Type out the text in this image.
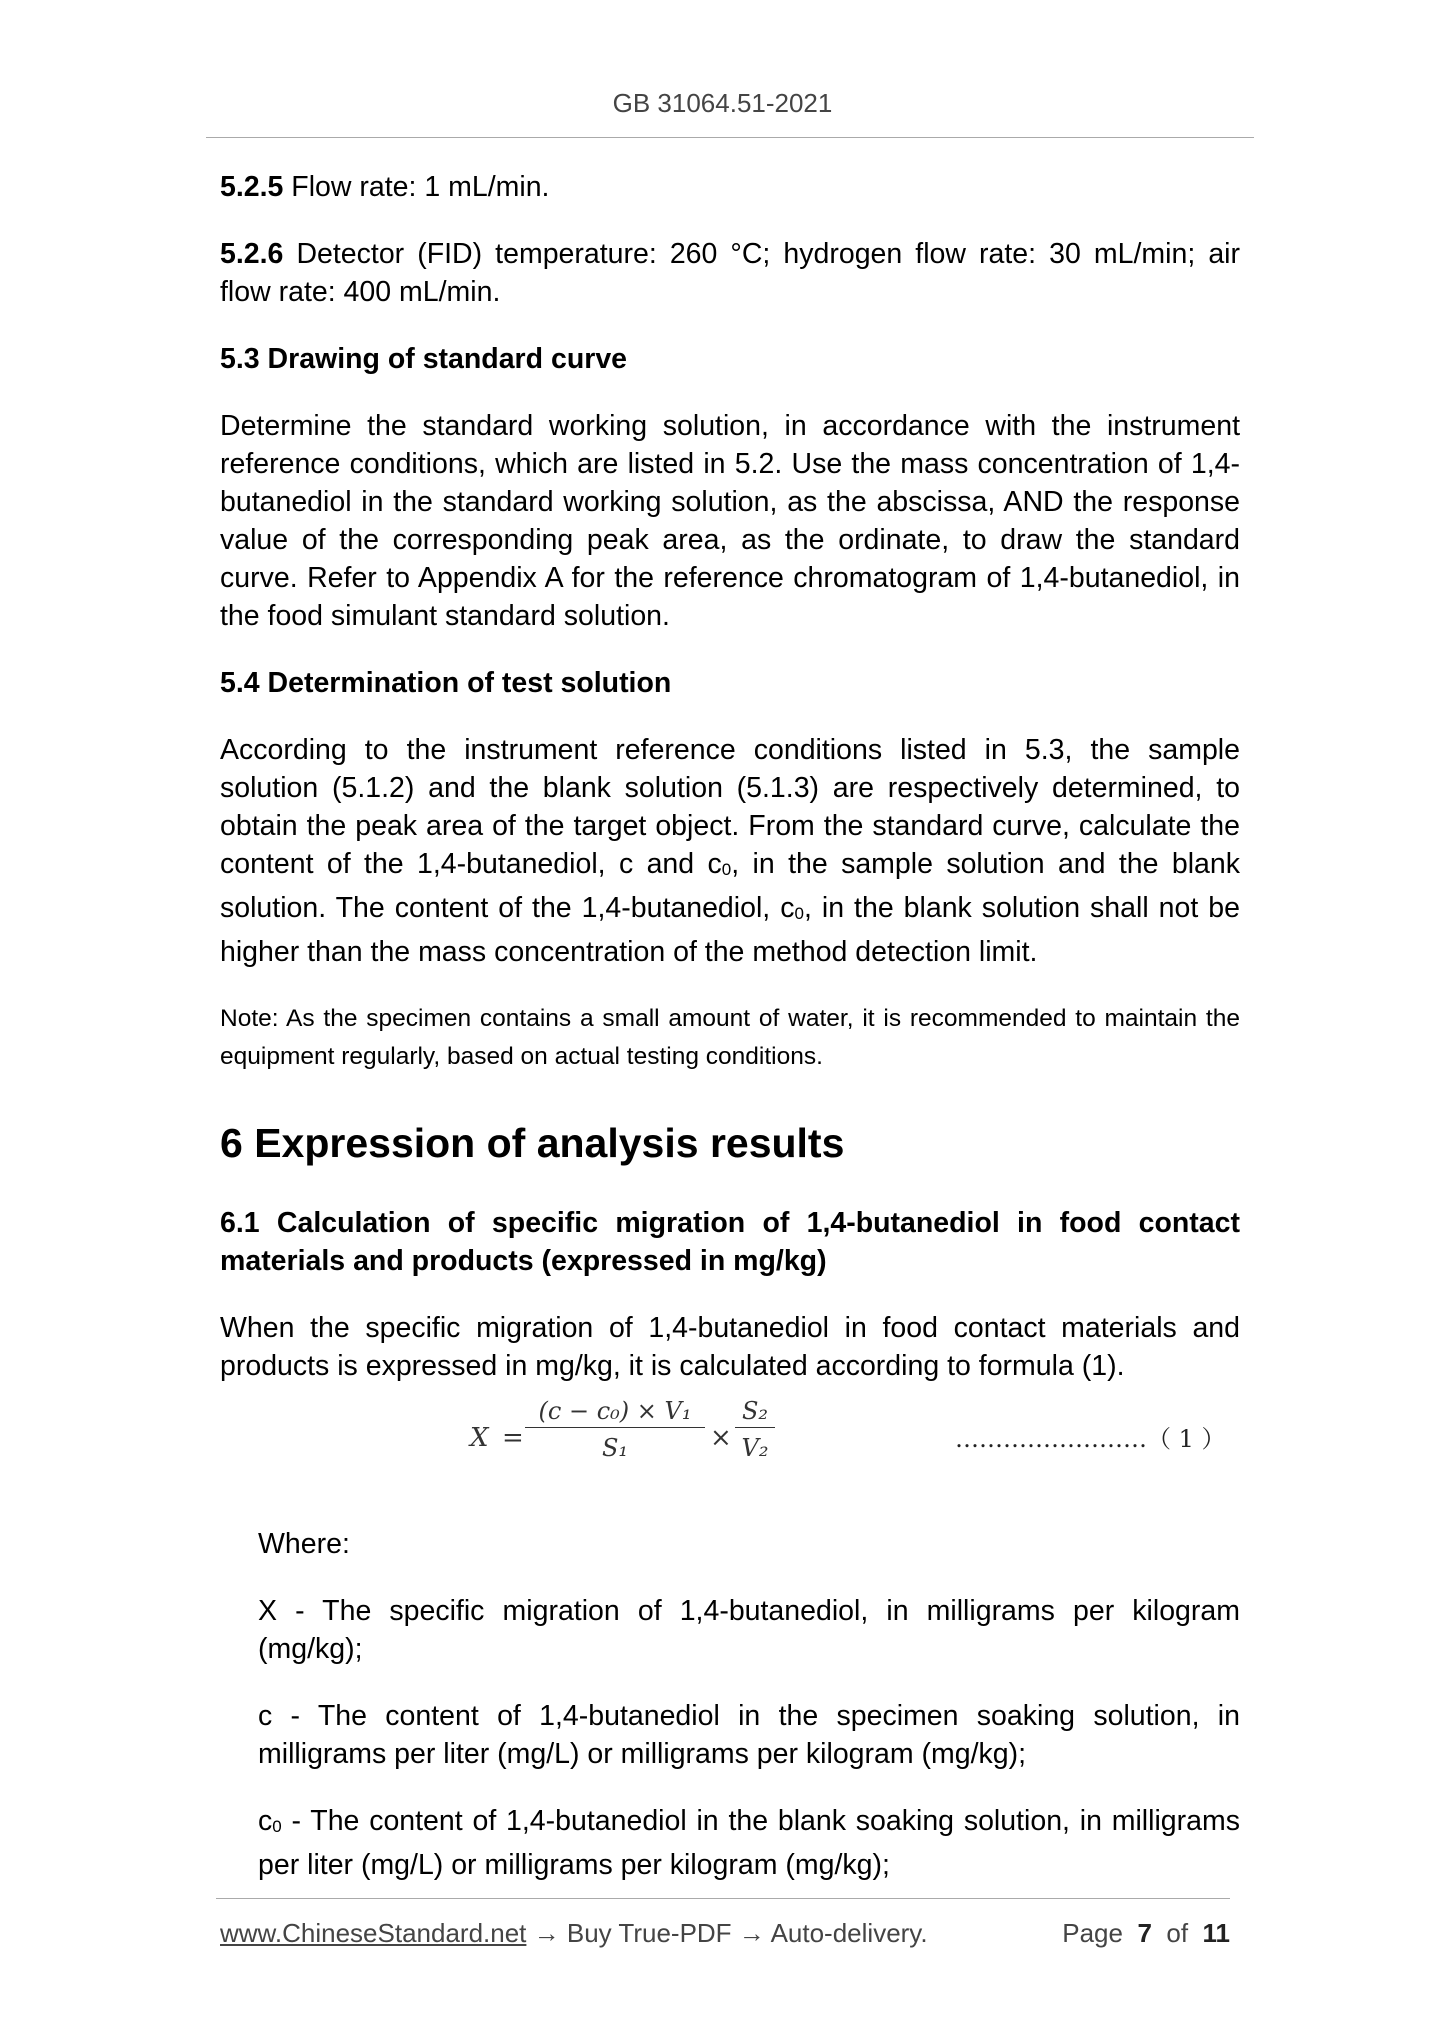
GB 31064.51-2021

5.2.5 Flow rate: 1 mL/min.

5.2.6 Detector (FID) temperature: 260 °C; hydrogen flow rate: 30 mL/min; air flow rate: 400 mL/min.

5.3 Drawing of standard curve

Determine the standard working solution, in accordance with the instrument reference conditions, which are listed in 5.2. Use the mass concentration of 1,4-butanediol in the standard working solution, as the abscissa, AND the response value of the corresponding peak area, as the ordinate, to draw the standard curve. Refer to Appendix A for the reference chromatogram of 1,4-butanediol, in the food simulant standard solution.

5.4 Determination of test solution

According to the instrument reference conditions listed in 5.3, the sample solution (5.1.2) and the blank solution (5.1.3) are respectively determined, to obtain the peak area of the target object. From the standard curve, calculate the content of the 1,4-butanediol, c and $c_0$, in the sample solution and the blank solution. The content of the 1,4-butanediol, $c_0$, in the blank solution shall not be higher than the mass concentration of the method detection limit.

Note: As the specimen contains a small amount of water, it is recommended to maintain the equipment regularly, based on actual testing conditions.
6 Expression of analysis results
6.1 Calculation of specific migration of 1,4-butanediol in food contact materials and products (expressed in mg/kg)

When the specific migration of 1,4-butanediol in food contact materials and products is expressed in mg/kg, it is calculated according to formula (1).

$X = \frac{\text{(c − c₀) × V₁}}{\text{S₁}} \times \frac{\text{S₂}}{\text{V₂}}$	……………………（ 1 ）

Where:

X - The specific migration of 1,4-butanediol, in milligrams per kilogram (mg/kg);

c - The content of 1,4-butanediol in the specimen soaking solution, in milligrams per liter (mg/L) or milligrams per kilogram (mg/kg);

$c_0$ - The content of 1,4-butanediol in the blank soaking solution, in milligrams per liter (mg/L) or milligrams per kilogram (mg/kg);

www.ChineseStandard.net → Buy True-PDF → Auto-delivery.	Page 7 of 11
